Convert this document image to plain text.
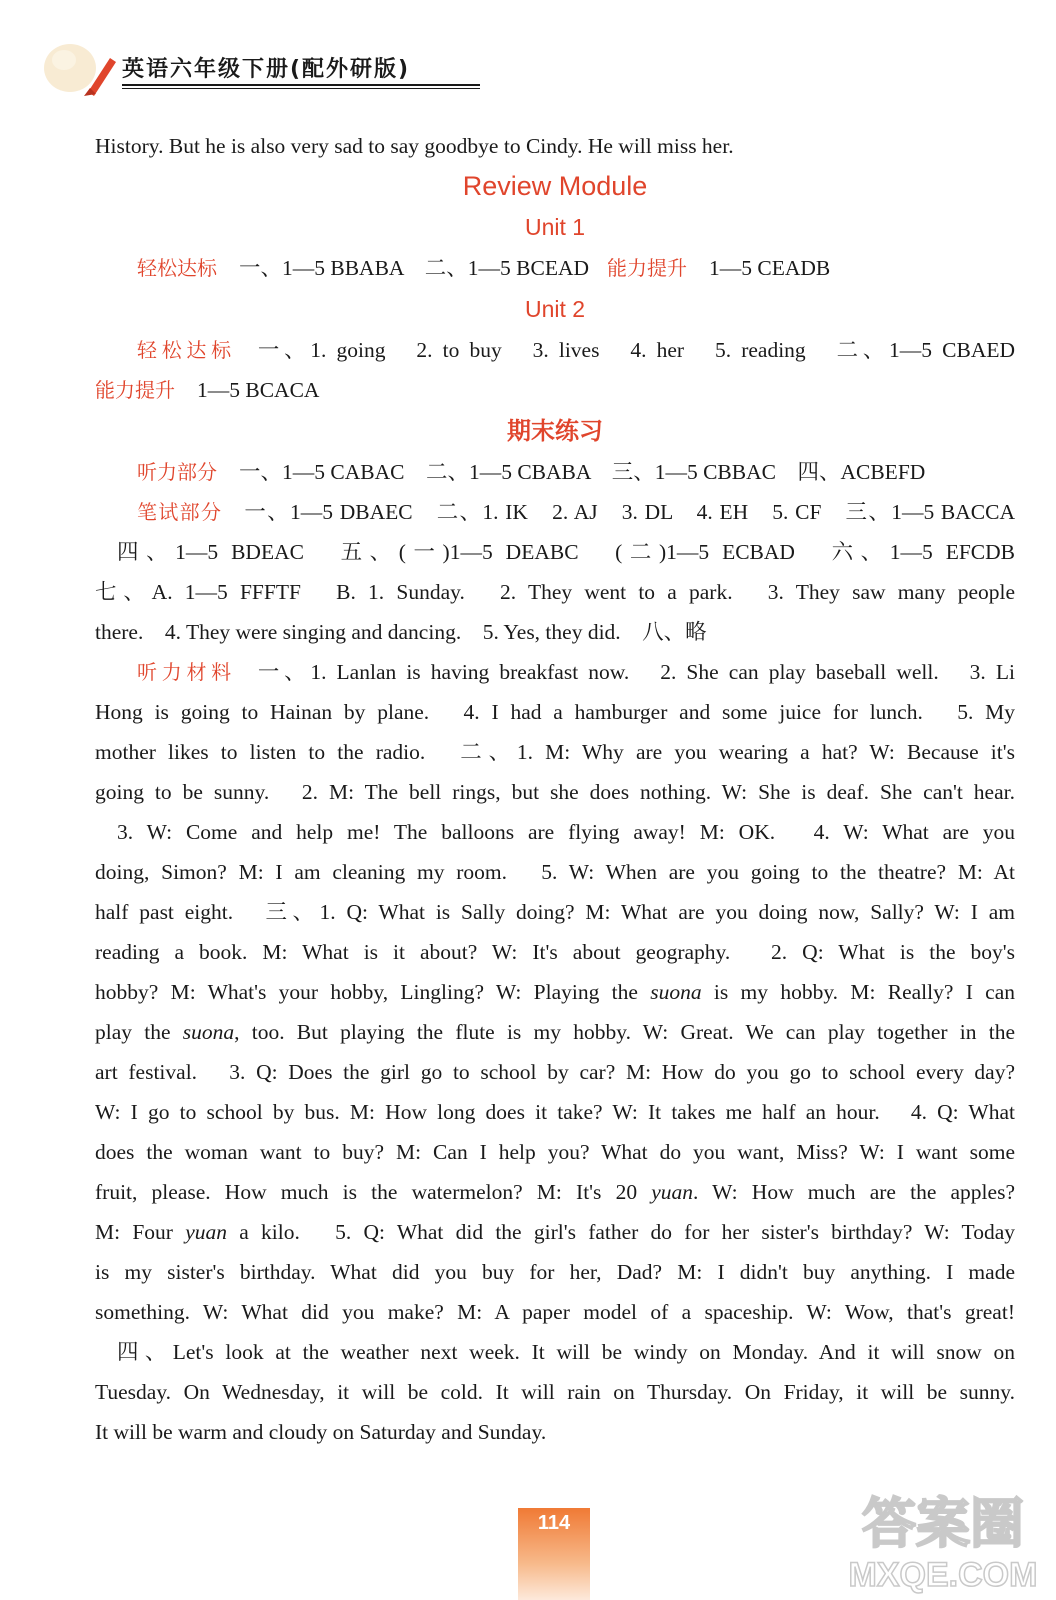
英语六年级下册(配外研版)
History. But he is also very sad to say goodbye to Cindy. He will miss her.
Review Module
Unit 1
轻松达标 一、1—5 BBABA　二、1—5 BCEAD 能力提升 1—5 CEADB
Unit 2
轻松达标 一、1. going　2. to buy　3. lives　4. her　5. reading　二、1—5 CBAED
能力提升 1—5 BCACA
期末练习
听力部分 一、1—5 CABAC　二、1—5 CBABA　三、1—5 CBBAC　四、ACBEFD
笔试部分 一、1—5 DBAEC　二、1. IK　2. AJ　3. DL　4. EH　5. CF　三、1—5 BACCA
四、1—5 BDEAC　五、(一)1—5 DEABC　(二)1—5 ECBAD　六、1—5 EFCDB
七、A. 1—5 FFFTF　B. 1. Sunday.　2. They went to a park.　3. They saw many people
there.　4. They were singing and dancing.　5. Yes, they did.　八、略
听力材料 一、1. Lanlan is having breakfast now.　2. She can play baseball well.　3. Li
Hong is going to Hainan by plane.　4. I had a hamburger and some juice for lunch.　5. My
mother likes to listen to the radio.　二、1. M: Why are you wearing a hat? W: Because it's
going to be sunny.　2. M: The bell rings, but she does nothing. W: She is deaf. She can't hear.
3. W: Come and help me! The balloons are flying away! M: OK.　4. W: What are you
doing, Simon? M: I am cleaning my room.　5. W: When are you going to the theatre? M: At
half past eight.　三、1. Q: What is Sally doing? M: What are you doing now, Sally? W: I am
reading a book. M: What is it about? W: It's about geography.　2. Q: What is the boy's
hobby? M: What's your hobby, Lingling? W: Playing the suona is my hobby. M: Really? I can
play the suona, too. But playing the flute is my hobby. W: Great. We can play together in the
art festival.　3. Q: Does the girl go to school by car? M: How do you go to school every day?
W: I go to school by bus. M: How long does it take? W: It takes me half an hour.　4. Q: What
does the woman want to buy? M: Can I help you? What do you want, Miss? W: I want some
fruit, please. How much is the watermelon? M: It's 20 yuan. W: How much are the apples?
M: Four yuan a kilo.　5. Q: What did the girl's father do for her sister's birthday? W: Today
is my sister's birthday. What did you buy for her, Dad? M: I didn't buy anything. I made
something. W: What did you make? M: A paper model of a spaceship. W: Wow, that's great!
四、Let's look at the weather next week. It will be windy on Monday. And it will snow on
Tuesday. On Wednesday, it will be cold. It will rain on Thursday. On Friday, it will be sunny.
It will be warm and cloudy on Saturday and Sunday.
114	答案圈
MXQE.COM
